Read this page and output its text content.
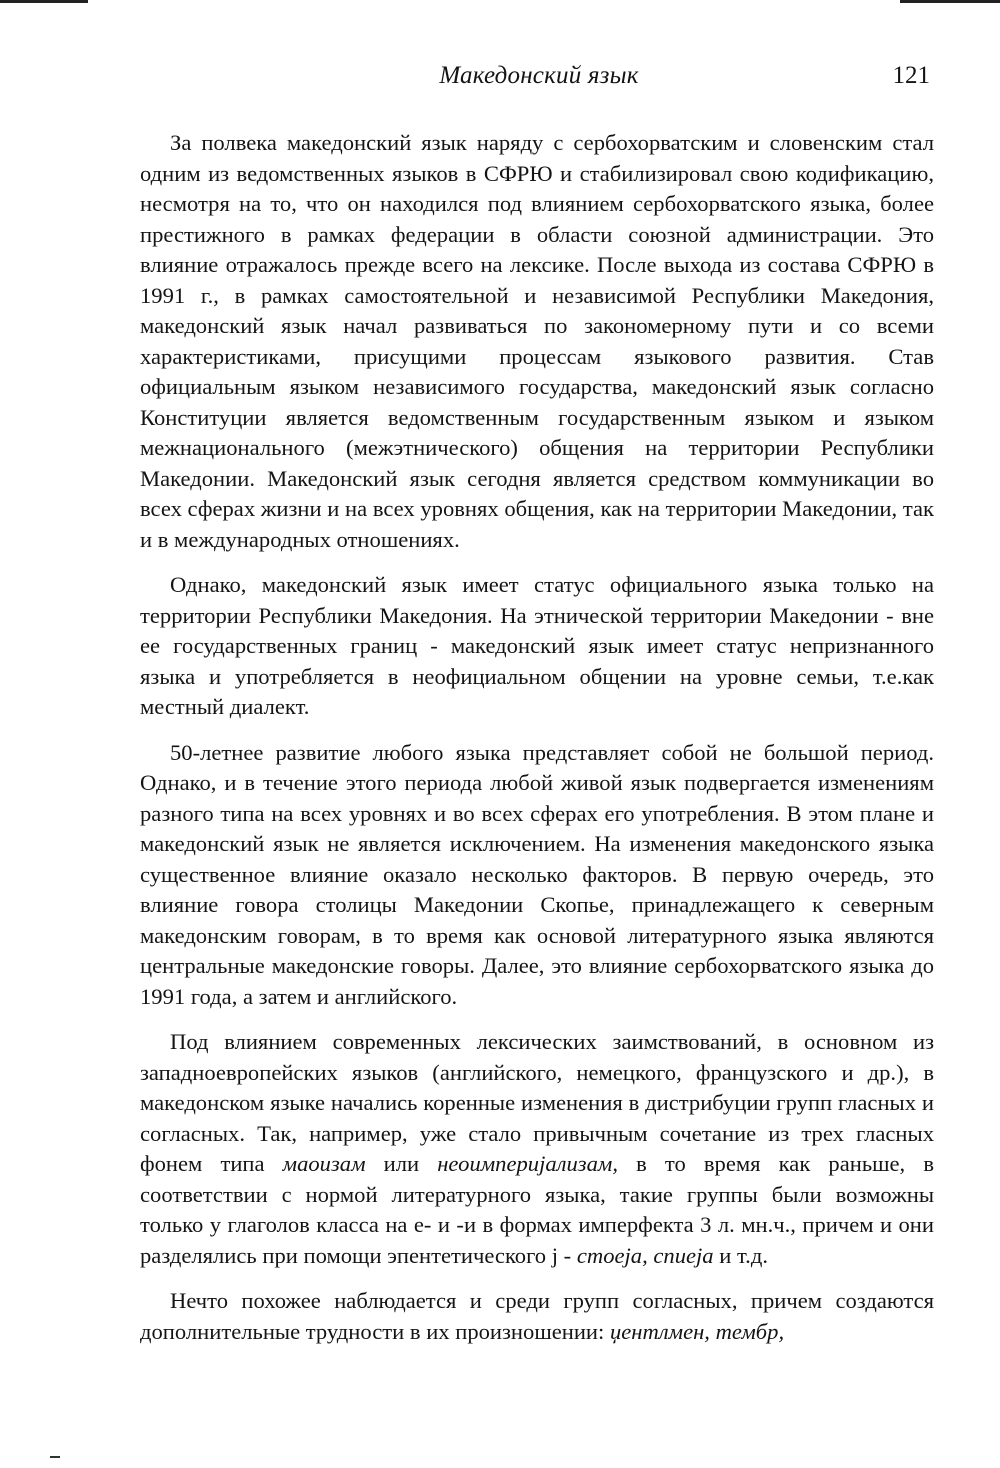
Македонский язык	121

За полвека македонский язык наряду с сербохорватским и словенским стал одним из ведомственных языков в СФРЮ и стабилизировал свою кодификацию, несмотря на то, что он находился под влиянием сербохорватского языка, более престижного в рамках федерации в области союзной администрации. Это влияние отражалось прежде всего на лексике. После выхода из состава СФРЮ в 1991 г., в рамках самостоятельной и независимой Республики Македония, македонский язык начал развиваться по закономерному пути и со всеми характеристиками, присущими процессам языкового развития. Став официальным языком независимого государства, македонский язык согласно Конституции является ведомственным государственным языком и языком межнационального (межэтнического) общения на территории Республики Македонии. Македонский язык сегодня является средством коммуникации во всех сферах жизни и на всех уровнях общения, как на территории Македонии, так и в международных отношениях.

Однако, македонский язык имеет статус официального языка только на территории Республики Македония. На этнической территории Македонии - вне ее государственных границ - македонский язык имеет статус непризнанного языка и употребляется в неофициальном общении на уровне семьи, т.е.как местный диалект.

50-летнее развитие любого языка представляет собой не большой период. Однако, и в течение этого периода любой живой язык подвергается изменениям разного типа на всех уровнях и во всех сферах его употребления. В этом плане и македонский язык не является исключением. На изменения македонского языка существенное влияние оказало несколько факторов. В первую очередь, это влияние говора столицы Македонии Скопье, принадлежащего к северным македонским говорам, в то время как основой литературного языка являются центральные македонские говоры. Далее, это влияние сербохорватского языка до 1991 года, а затем и английского.

Под влиянием современных лексических заимствований, в основном из западноевропейских языков (английского, немецкого, французского и др.), в македонском языке начались коренные изменения в дистрибуции групп гласных и согласных. Так, например, уже стало привычным сочетание из трех гласных фонем типа маоизам или неоимперијализам, в то время как раньше, в соответствии с нормой литературного языка, такие группы были возможны только у глаголов класса на е- и -и в формах имперфекта 3 л. мн.ч., причем и они разделялись при помощи эпентетического ј - стоеја, спиеја и т.д.

Нечто похожее наблюдается и среди групп согласных, причем создаются дополнительные трудности в их произношении: џентлмен, тембр,
